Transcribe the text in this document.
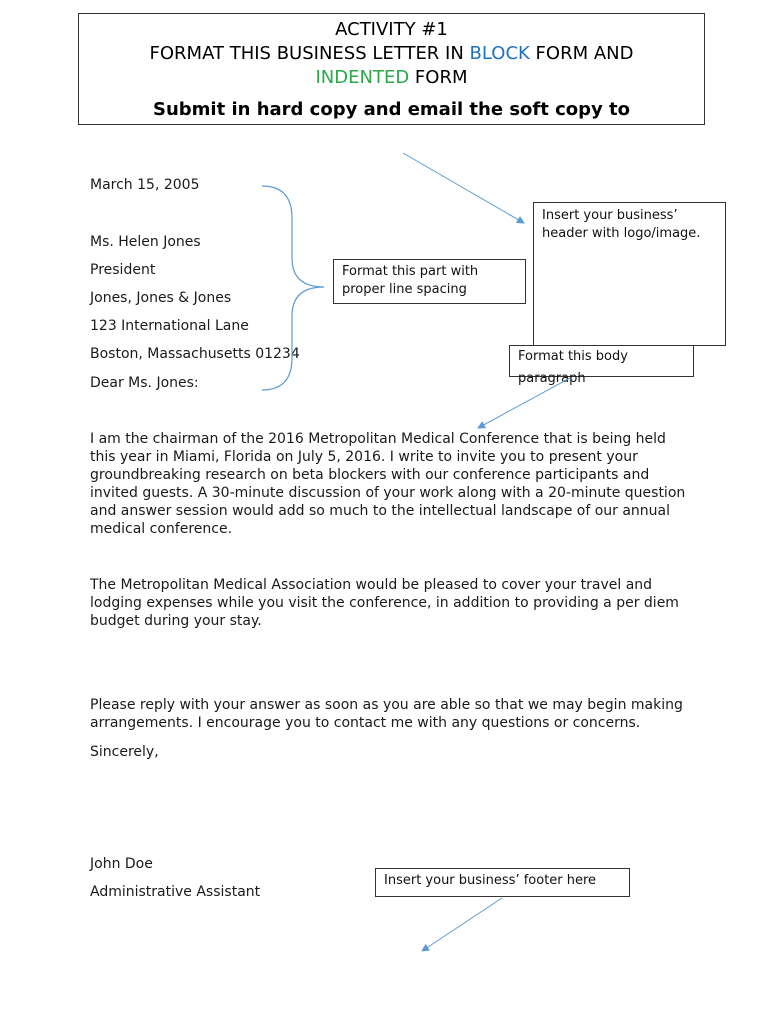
ACTIVITY #1
FORMAT THIS BUSINESS LETTER IN BLOCK FORM AND
INDENTED FORM
Submit in hard copy and email the soft copy to
March 15, 2005
Ms. Helen Jones
President
Jones, Jones & Jones
123 International Lane
Boston, Massachusetts 01234
Dear Ms. Jones:
I am the chairman of the 2016 Metropolitan Medical Conference that is being held this year in Miami, Florida on July 5, 2016. I write to invite you to present your groundbreaking research on beta blockers with our conference participants and invited guests. A 30-minute discussion of your work along with a 20-minute question and answer session would add so much to the intellectual landscape of our annual medical conference.
The Metropolitan Medical Association would be pleased to cover your travel and lodging expenses while you visit the conference, in addition to providing a per diem budget during your stay.
Please reply with your answer as soon as you are able so that we may begin making arrangements. I encourage you to contact me with any questions or concerns.
Sincerely,
John Doe
Administrative Assistant
Insert your business’ header with logo/image.
Format this part with proper line spacing
Format this body paragraph
Insert your business’ footer here
